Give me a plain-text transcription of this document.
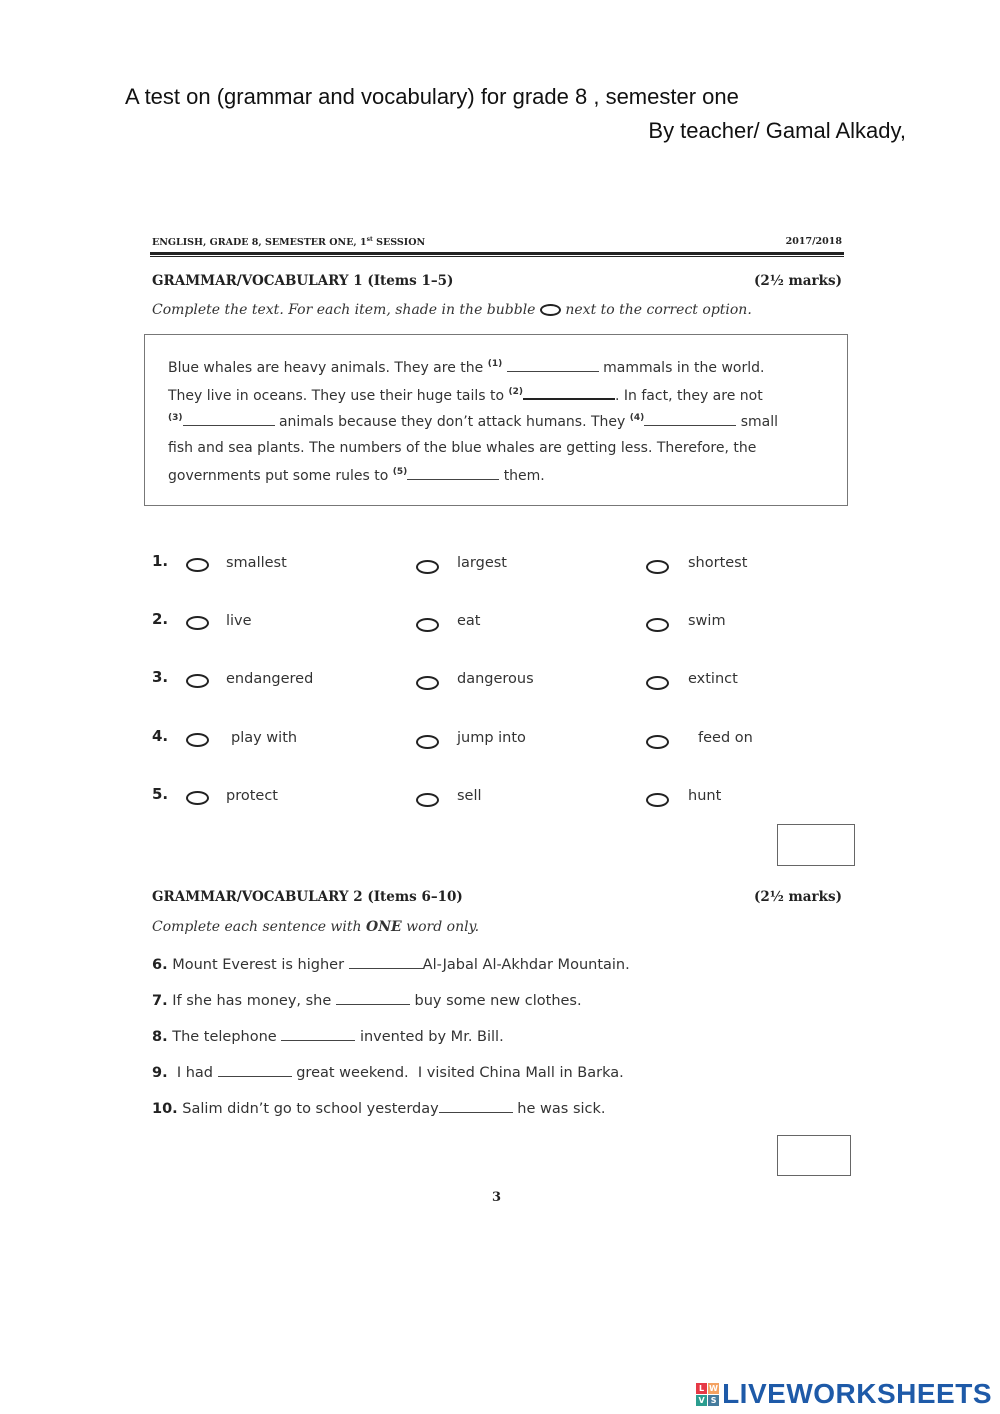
A test on (grammar and vocabulary) for grade 8 , semester one
By teacher/ Gamal Alkady,
ENGLISH, GRADE 8, SEMESTER ONE, 1st SESSION	2017/2018
GRAMMAR/VOCABULARY 1 (Items 1–5)	(2½ marks)
Complete the text. For each item, shade in the bubble next to the correct option.
Blue whales are heavy animals. They are the $^{(1)}$	mammals in the world.
They live in oceans. They use their huge tails to $^{(2)}$	. In fact, they are not
$^{(3)}$	animals because they don’t attack humans. They $^{(4)}$	small
fish and sea plants. The numbers of the blue whales are getting less. Therefore, the
governments put some rules to $^{(5)}$	them.
1.	smallest	largest	shortest
2.	live	eat	swim
3.	endangered	dangerous	extinct
4.	play with	jump into	feed on
5.	protect	sell	hunt
GRAMMAR/VOCABULARY 2 (Items 6–10)	(2½ marks)
Complete each sentence with ONE word only.
6. Mount Everest is higher	Al-Jabal Al-Akhdar Mountain.
7. If she has money, she	buy some new clothes.
8. The telephone	invented by Mr. Bill.
9.  I had	great weekend.  I visited China Mall in Barka.
10. Salim didn’t go to school yesterday	he was sick.
3
L W
V S LIVEWORKSHEETS
